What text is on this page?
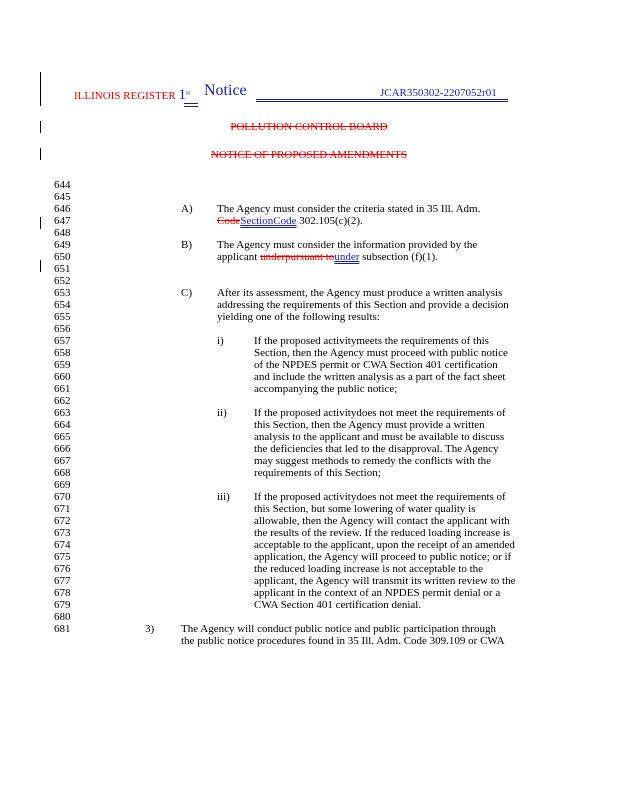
ILLINOIS REGISTER 1st Notice	JCAR350302-2207052r01
POLLUTION CONTROL BOARD
NOTICE OF PROPOSED AMENDMENTS
644
645
646
647
648
649
650
651
652
653
654
655
656
657
658
659
660
661
662
663
664
665
666
667
668
669
670
671
672
673
674
675
676
677
678
679
680
681
A) The Agency must consider the criteria stated in 35 Ill. Adm.
CodeSectionCode 302.105(c)(2).
B) The Agency must consider the information provided by the
applicant underpursuant tounder subsection (f)(1).
C) After its assessment, the Agency must produce a written analysis
addressing the requirements of this Section and provide a decision
yielding one of the following results:
i)	If the proposed activitymeets the requirements of this
Section, then the Agency must proceed with public notice
of the NPDES permit or CWA Section 401 certification
and include the written analysis as a part of the fact sheet
accompanying the public notice;
ii) If the proposed activitydoes not meet the requirements of
this Section, then the Agency must provide a written
analysis to the applicant and must be available to discuss
the deficiencies that led to the disapproval. The Agency
may suggest methods to remedy the conflicts with the
requirements of this Section;
iii) If the proposed activitydoes not meet the requirements of
this Section, but some lowering of water quality is
allowable, then the Agency will contact the applicant with
the results of the review. If the reduced loading increase is
acceptable to the applicant, upon the receipt of an amended
application, the Agency will proceed to public notice; or if
the reduced loading increase is not acceptable to the
applicant, the Agency will transmit its written review to the
applicant in the context of an NPDES permit denial or a
CWA Section 401 certification denial.
3) The Agency will conduct public notice and public participation through
the public notice procedures found in 35 Ill. Adm. Code 309.109 or CWA
